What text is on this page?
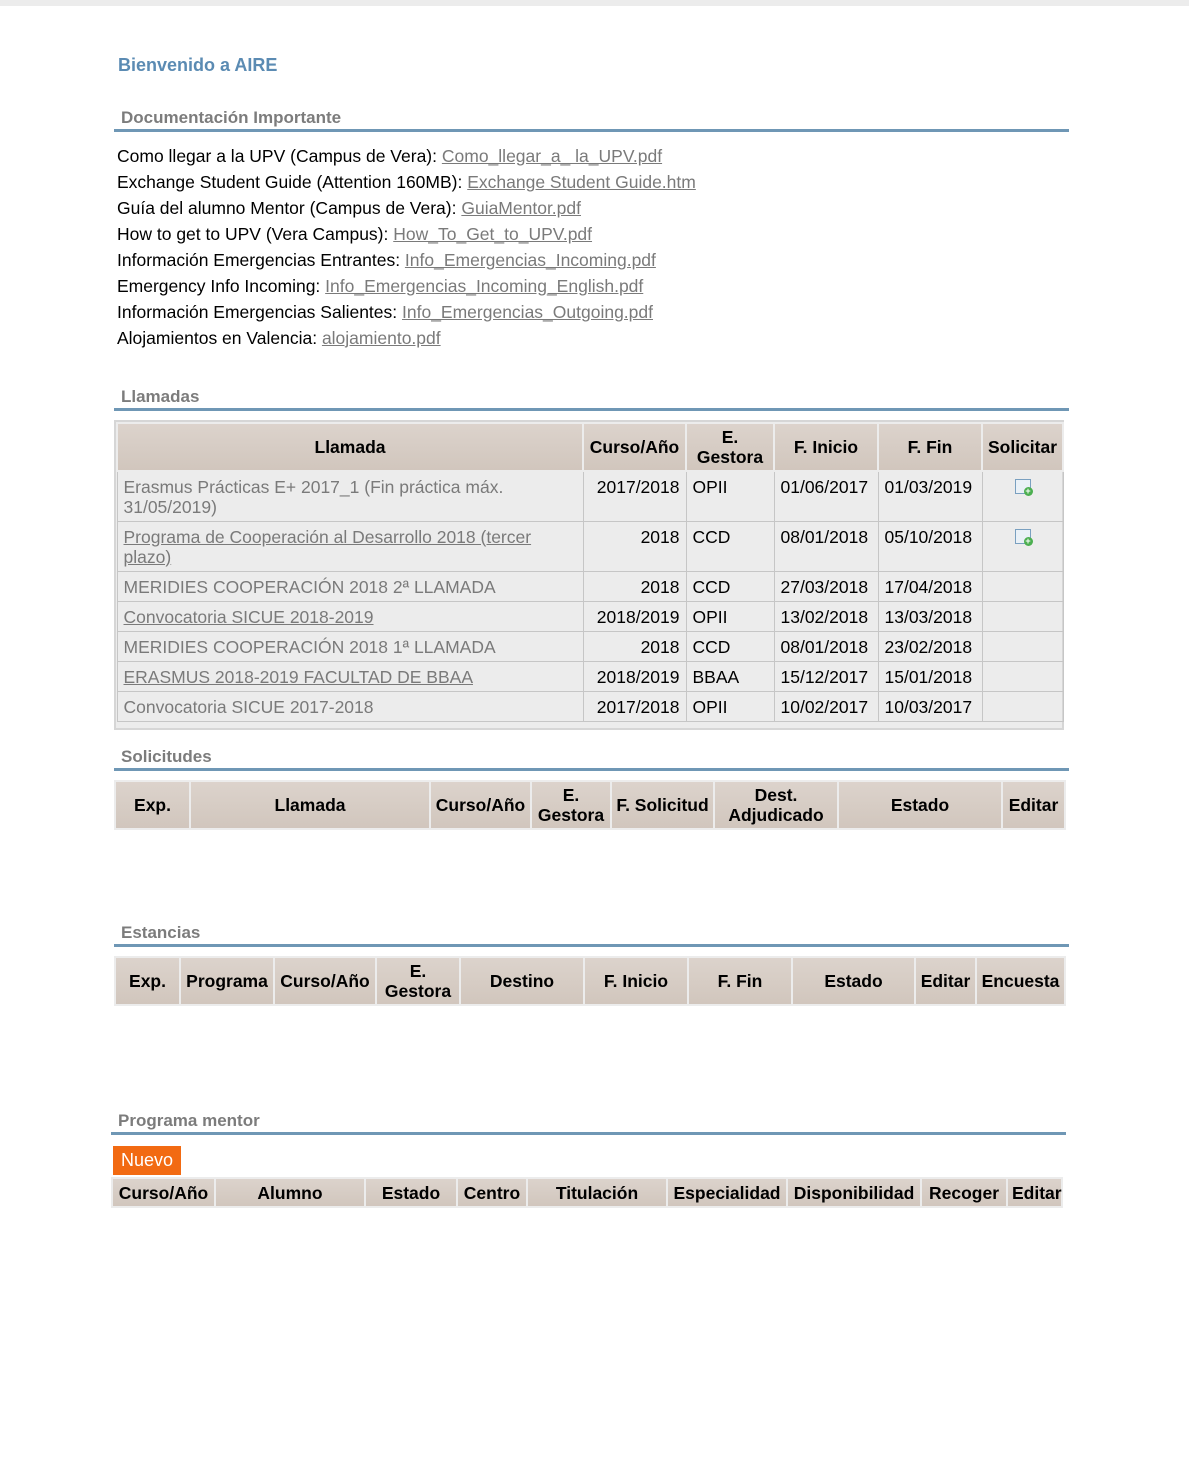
Bienvenido a AIRE
Documentación Importante
Como llegar a la UPV (Campus de Vera): Como_llegar_a_ la_UPV.pdf
Exchange Student Guide (Attention 160MB): Exchange Student Guide.htm
Guía del alumno Mentor (Campus de Vera): GuiaMentor.pdf
How to get to UPV (Vera Campus): How_To_Get_to_UPV.pdf
Información Emergencias Entrantes: Info_Emergencias_Incoming.pdf
Emergency Info Incoming: Info_Emergencias_Incoming_English.pdf
Información Emergencias Salientes: Info_Emergencias_Outgoing.pdf
Alojamientos en Valencia: alojamiento.pdf
Llamadas
Llamada	Curso/Año	E. Gestora	F. Inicio	F. Fin	Solicitar
Erasmus Prácticas E+ 2017_1 (Fin práctica máx. 31/05/2019)	2017/2018	OPII	01/06/2017	01/03/2019	+

Programa de Cooperación al Desarrollo 2018 (tercer plazo)	2018	CCD	08/01/2018	05/10/2018	+

MERIDIES COOPERACIÓN 2018 2ª LLAMADA	2018	CCD	27/03/2018	17/04/2018	
Convocatoria SICUE 2018-2019	2018/2019	OPII	13/02/2018	13/03/2018	
MERIDIES COOPERACIÓN 2018 1ª LLAMADA	2018	CCD	08/01/2018	23/02/2018	
ERASMUS 2018-2019 FACULTAD DE BBAA	2018/2019	BBAA	15/12/2017	15/01/2018	
Convocatoria SICUE 2017-2018	2017/2018	OPII	10/02/2017	10/03/2017	
Solicitudes
Exp.	Llamada	Curso/Año	E. Gestora	F. Solicitud	Dest. Adjudicado	Estado	Editar
Estancias
Exp.	Programa	Curso/Año	E. Gestora	Destino	F. Inicio	F. Fin	Estado	Editar	Encuesta
Programa mentor
Nuevo
Curso/Año	Alumno	Estado	Centro	Titulación	Especialidad	Disponibilidad	Recoger	Editar
